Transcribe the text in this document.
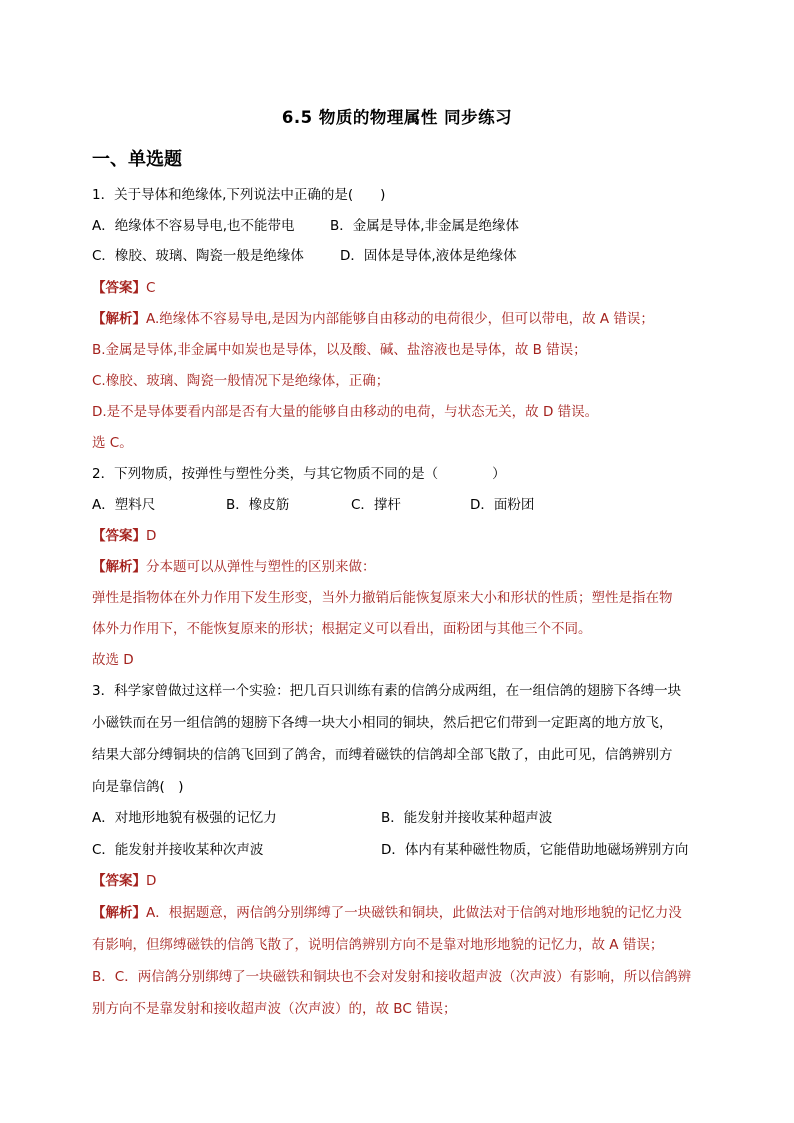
6.5 物质的物理属性 同步练习
一、单选题
1．关于导体和绝缘体,下列说法中正确的是(　　)
A．绝缘体不容易导电,也不能带电	B．金属是导体,非金属是绝缘体
C．橡胶、玻璃、陶瓷一般是绝缘体	D．固体是导体,液体是绝缘体
【答案】C
【解析】A.绝缘体不容易导电,是因为内部能够自由移动的电荷很少，但可以带电，故 A 错误；
B.金属是导体,非金属中如炭也是导体，以及酸、碱、盐溶液也是导体，故 B 错误；
C.橡胶、玻璃、陶瓷一般情况下是绝缘体，正确；
D.是不是导体要看内部是否有大量的能够自由移动的电荷，与状态无关，故 D 错误。
选 C。
2．下列物质，按弹性与塑性分类，与其它物质不同的是（　　　　）
A．塑料尺	B．橡皮筋	C．撑杆	D．面粉团
【答案】D
【解析】分本题可以从弹性与塑性的区别来做：
弹性是指物体在外力作用下发生形变，当外力撤销后能恢复原来大小和形状的性质；塑性是指在物
体外力作用下，不能恢复原来的形状；根据定义可以看出，面粉团与其他三个不同。
故选 D
3．科学家曾做过这样一个实验：把几百只训练有素的信鸽分成两组，在一组信鸽的翅膀下各缚一块
小磁铁而在另一组信鸽的翅膀下各缚一块大小相同的铜块，然后把它们带到一定距离的地方放飞，
结果大部分缚铜块的信鸽飞回到了鸽舍，而缚着磁铁的信鸽却全部飞散了，由此可见，信鸽辨别方
向是靠信鸽(　)
A．对地形地貌有极强的记忆力	B．能发射并接收某种超声波
C．能发射并接收某种次声波	D．体内有某种磁性物质，它能借助地磁场辨别方向
【答案】D
【解析】A．根据题意，两信鸽分别绑缚了一块磁铁和铜块，此做法对于信鸽对地形地貌的记忆力没
有影响，但绑缚磁铁的信鸽飞散了，说明信鸽辨别方向不是靠对地形地貌的记忆力，故 A 错误；
B．C．两信鸽分别绑缚了一块磁铁和铜块也不会对发射和接收超声波（次声波）有影响，所以信鸽辨
别方向不是靠发射和接收超声波（次声波）的，故 BC 错误；
